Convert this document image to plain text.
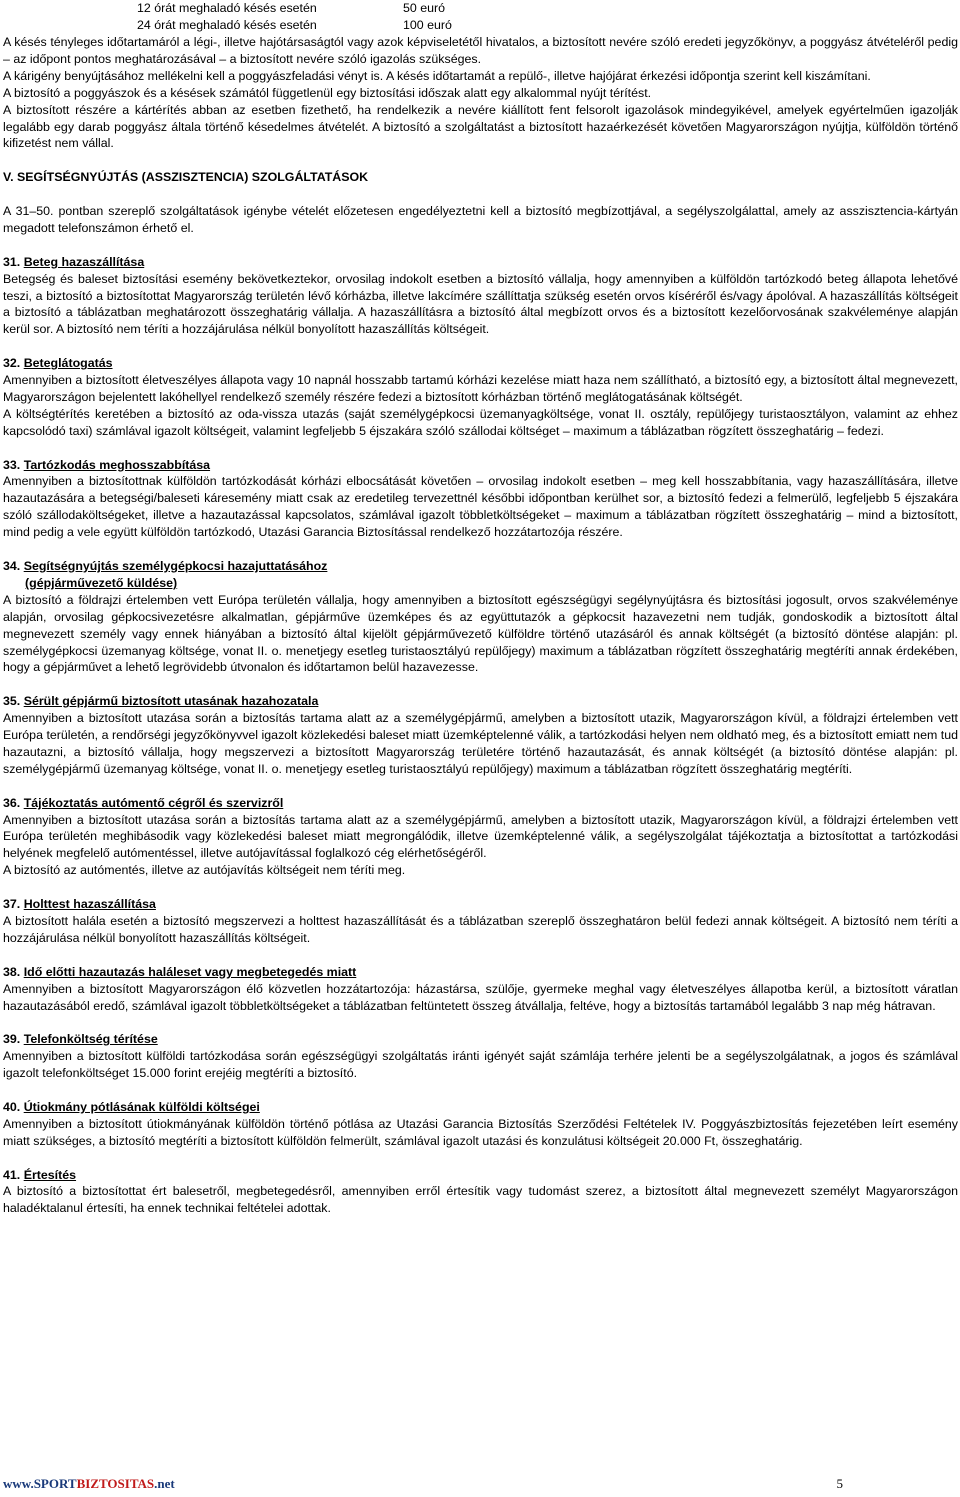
12 órát meghaladó késés esetén	50 euró
24 órát meghaladó késés esetén	100 euró

A késés tényleges időtartamáról a légi-, illetve hajótársaságtól vagy azok képviseletétől hivatalos, a biztosított nevére szóló eredeti jegyzőkönyv, a poggyász átvételéről pedig – az időpont pontos meghatározásával – a biztosított nevére szóló igazolás szükséges.

A kárigény benyújtásához mellékelni kell a poggyászfeladási vényt is. A késés időtartamát a repülő-, illetve hajójárat érkezési időpontja szerint kell kiszámítani.

A biztosító a poggyászok és a késések számától függetlenül egy biztosítási időszak alatt egy alkalommal nyújt térítést.

A biztosított részére a kártérítés abban az esetben fizethető, ha rendelkezik a nevére kiállított fent felsorolt igazolások mindegyikével, amelyek egyértelműen igazolják legalább egy darab poggyász általa történő késedelmes átvételét. A biztosító a szolgáltatást a biztosított hazaérkezését követően Magyarországon nyújtja, külföldön történő kifizetést nem vállal.

V. SEGÍTSÉGNYÚJTÁS (ASSZISZTENCIA) SZOLGÁLTATÁSOK

A 31–50. pontban szereplő szolgáltatások igénybe vételét előzetesen engedélyeztetni kell a biztosító megbízottjával, a segélyszolgálattal, amely az asszisztencia-kártyán megadott telefonszámon érhető el.

31. Beteg hazaszállítása

Betegség és baleset biztosítási esemény bekövetkeztekor, orvosilag indokolt esetben a biztosító vállalja, hogy amennyiben a külföldön tartózkodó beteg állapota lehetővé teszi, a biztosító a biztosítottat Magyarország területén lévő kórházba, illetve lakcímére szállíttatja szükség esetén orvos kíséréről és/vagy ápolóval. A hazaszállítás költségeit a biztosító a táblázatban meghatározott összeghatárig vállalja. A hazaszállításra a biztosító által megbízott orvos és a biztosított kezelőorvosának szakvéleménye alapján kerül sor. A biztosító nem téríti a hozzájárulása nélkül bonyolított hazaszállítás költségeit.

32. Beteglátogatás

Amennyiben a biztosított életveszélyes állapota vagy 10 napnál hosszabb tartamú kórházi kezelése miatt haza nem szállítható, a biztosító egy, a biztosított által megnevezett, Magyarországon bejelentett lakóhellyel rendelkező személy részére fedezi a biztosított kórházban történő meglátogatásának költségét.

A költségtérítés keretében a biztosító az oda-vissza utazás (saját személygépkocsi üzemanyagköltsége, vonat II. osztály, repülőjegy turistaosztályon, valamint az ehhez kapcsolódó taxi) számlával igazolt költségeit, valamint legfeljebb 5 éjszakára szóló szállodai költséget – maximum a táblázatban rögzített összeghatárig – fedezi.

33. Tartózkodás meghosszabbítása

Amennyiben a biztosítottnak külföldön tartózkodását kórházi elbocsátását követően – orvosilag indokolt esetben – meg kell hosszabbítania, vagy hazaszállítására, illetve hazautazására a betegségi/baleseti káresemény miatt csak az eredetileg tervezettnél későbbi időpontban kerülhet sor, a biztosító fedezi a felmerülő, legfeljebb 5 éjszakára szóló szállodaköltségeket, illetve a hazautazással kapcsolatos, számlával igazolt többletköltségeket – maximum a táblázatban rögzített összeghatárig – mind a biztosított, mind pedig a vele együtt külföldön tartózkodó, Utazási Garancia Biztosítással rendelkező hozzátartozója részére.

34. Segítségnyújtás személygépkocsi hazajuttatásához

(gépjárművezető küldése)

A biztosító a földrajzi értelemben vett Európa területén vállalja, hogy amennyiben a biztosított egészségügyi segélynyújtásra és biztosítási jogosult, orvos szakvéleménye alapján, orvosilag gépkocsivezetésre alkalmatlan, gépjárműve üzemképes és az együttutazók a gépkocsit hazavezetni nem tudják, gondoskodik a biztosított által megnevezett személy vagy ennek hiányában a biztosító által kijelölt gépjárművezető külföldre történő utazásáról és annak költségét (a biztosító döntése alapján: pl. személygépkocsi üzemanyag költsége, vonat II. o. menetjegy esetleg turistaosztályú repülőjegy) maximum a táblázatban rögzített összeghatárig megtéríti annak érdekében, hogy a gépjárművet a lehető legrövidebb útvonalon és időtartamon belül hazavezesse.

35. Sérült gépjármű biztosított utasának hazahozatala

Amennyiben a biztosított utazása során a biztosítás tartama alatt az a személygépjármű, amelyben a biztosított utazik, Magyarországon kívül, a földrajzi értelemben vett Európa területén, a rendőrségi jegyzőkönyvvel igazolt közlekedési baleset miatt üzemképtelenné válik, a tartózkodási helyen nem oldható meg, és a biztosított emiatt nem tud hazautazni, a biztosító vállalja, hogy megszervezi a biztosított Magyarország területére történő hazautazását, és annak költségét (a biztosító döntése alapján: pl. személygépjármű üzemanyag költsége, vonat II. o. menetjegy esetleg turistaosztályú repülőjegy) maximum a táblázatban rögzített összeghatárig megtéríti.

36. Tájékoztatás autómentő cégről és szervizről

Amennyiben a biztosított utazása során a biztosítás tartama alatt az a személygépjármű, amelyben a biztosított utazik, Magyarországon kívül, a földrajzi értelemben vett Európa területén meghibásodik vagy közlekedési baleset miatt megrongálódik, illetve üzemképtelenné válik, a segélyszolgálat tájékoztatja a biztosítottat a tartózkodási helyének megfelelő autómentéssel, illetve autójavítással foglalkozó cég elérhetőségéről.

A biztosító az autómentés, illetve az autójavítás költségeit nem téríti meg.

37. Holttest hazaszállítása

A biztosított halála esetén a biztosító megszervezi a holttest hazaszállítását és a táblázatban szereplő összeghatáron belül fedezi annak költségeit. A biztosító nem téríti a hozzájárulása nélkül bonyolított hazaszállítás költségeit.

38. Idő előtti hazautazás haláleset vagy megbetegedés miatt

Amennyiben a biztosított Magyarországon élő közvetlen hozzátartozója: házastársa, szülője, gyermeke meghal vagy életveszélyes állapotba kerül, a biztosított váratlan hazautazásából eredő, számlával igazolt többletköltségeket a táblázatban feltüntetett összeg átvállalja, feltéve, hogy a biztosítás tartamából legalább 3 nap még hátravan.

39. Telefonköltség térítése

Amennyiben a biztosított külföldi tartózkodása során egészségügyi szolgáltatás iránti igényét saját számlája terhére jelenti be a segélyszolgálatnak, a jogos és számlával igazolt telefonköltséget 15.000 forint erejéig megtéríti a biztosító.

40. Útiokmány pótlásának külföldi költségei

Amennyiben a biztosított útiokmányának külföldön történő pótlása az Utazási Garancia Biztosítás Szerződési Feltételek IV. Poggyászbiztosítás fejezetében leírt esemény miatt szükséges, a biztosító megtéríti a biztosított külföldön felmerült, számlával igazolt utazási és konzulátusi költségeit 20.000 Ft, összeghatárig.

41. Értesítés

A biztosító a biztosítottat ért balesetről, megbetegedésről, amennyiben erről értesítik vagy tudomást szerez, a biztosított által megnevezett személyt Magyarországon haladéktalanul értesíti, ha ennek technikai feltételei adottak.

www.SPORTBIZTOSITAS.net	5
